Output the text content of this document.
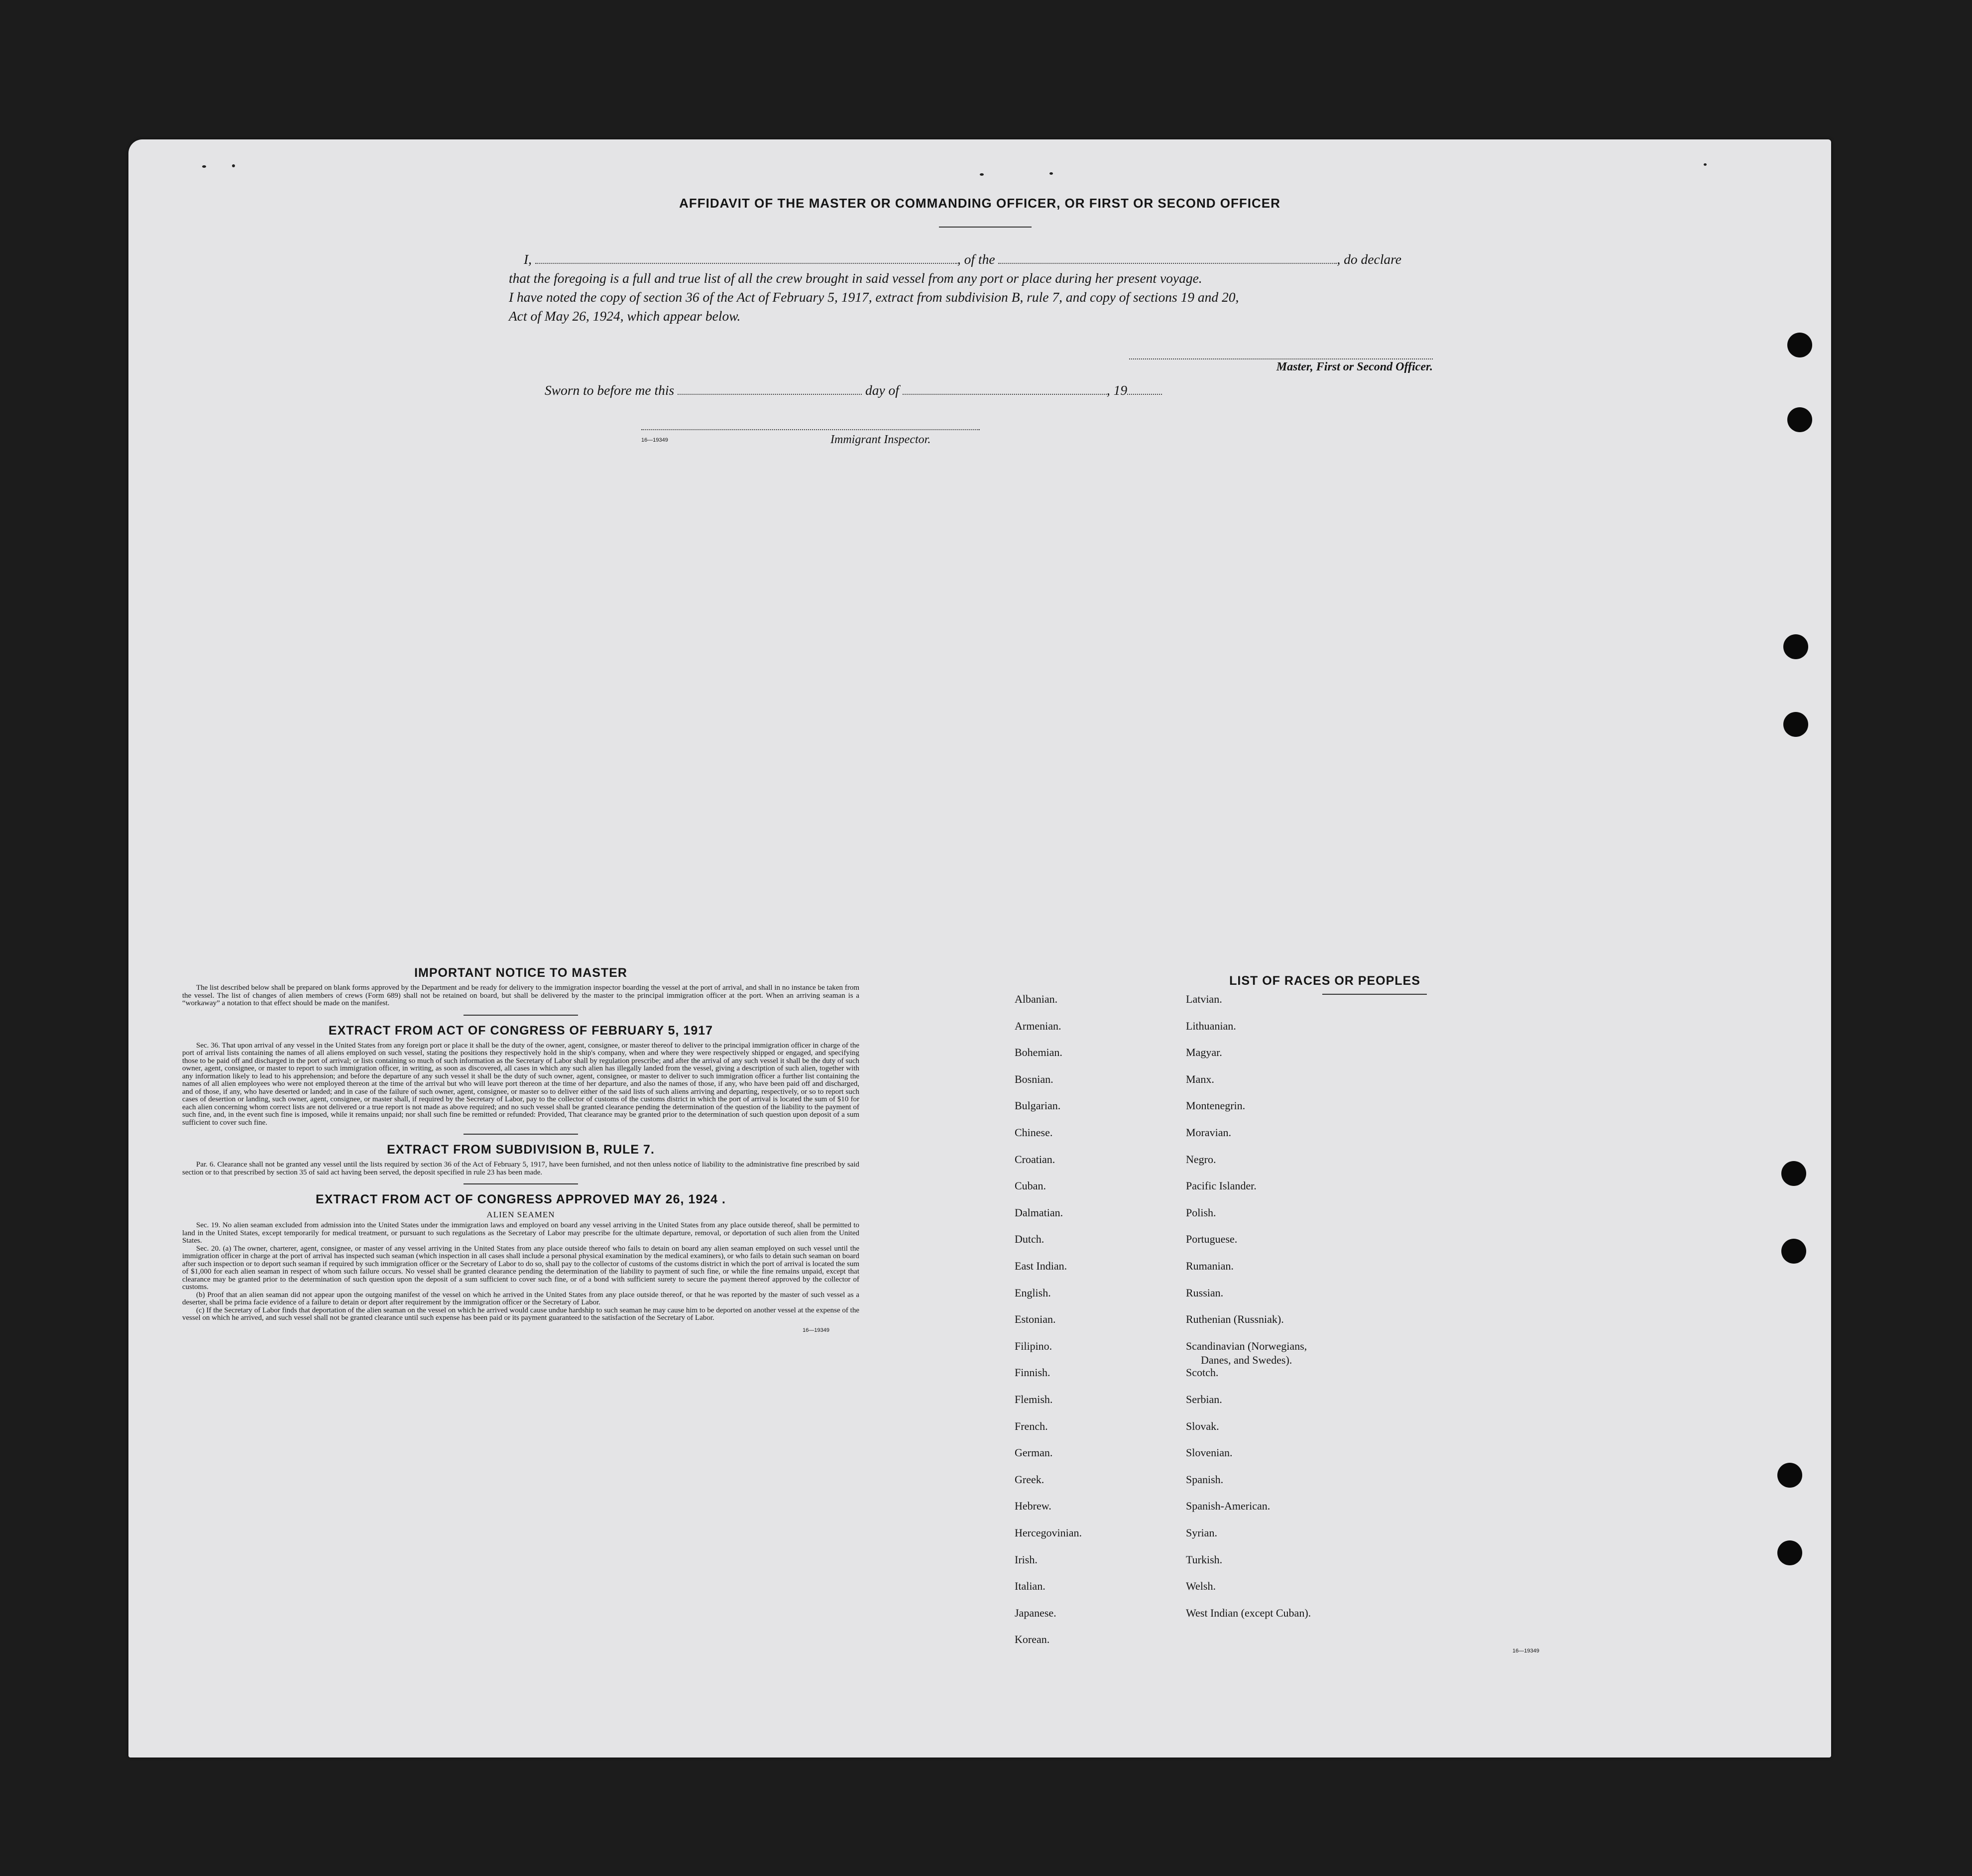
AFFIDAVIT OF THE MASTER OR COMMANDING OFFICER, OR FIRST OR SECOND OFFICER
I,	, of the	, do declare
that the foregoing is a full and true list of all the crew brought in said vessel from any port or place during her present voyage.
I have noted the copy of section 36 of the Act of February 5, 1917, extract from subdivision B, rule 7, and copy of sections 19 and 20,
Act of May 26, 1924, which appear below.
Master, First or Second Officer.
Sworn to before me this	day of	, 19
16—19349	Immigrant Inspector.
IMPORTANT NOTICE TO MASTER

The list described below shall be prepared on blank forms approved by the Department and be ready for delivery to the immigration inspector boarding the vessel at the port of arrival, and shall in no instance be taken from the vessel. The list of changes of alien members of crews (Form 689) shall not be retained on board, but shall be delivered by the master to the principal immigration officer at the port. When an arriving seaman is a “workaway” a notation to that effect should be made on the manifest.

EXTRACT FROM ACT OF CONGRESS OF FEBRUARY 5, 1917

Sec. 36. That upon arrival of any vessel in the United States from any foreign port or place it shall be the duty of the owner, agent, consignee, or master thereof to deliver to the principal immigration officer in charge of the port of arrival lists containing the names of all aliens employed on such vessel, stating the positions they respectively hold in the ship's company, when and where they were respectively shipped or engaged, and specifying those to be paid off and discharged in the port of arrival; or lists containing so much of such information as the Secretary of Labor shall by regulation prescribe; and after the arrival of any such vessel it shall be the duty of such owner, agent, consignee, or master to report to such immigration officer, in writing, as soon as discovered, all cases in which any such alien has illegally landed from the vessel, giving a description of such alien, together with any information likely to lead to his apprehension; and before the departure of any such vessel it shall be the duty of such owner, agent, consignee, or master to deliver to such immigration officer a further list containing the names of all alien employees who were not employed thereon at the time of the arrival but who will leave port thereon at the time of her departure, and also the names of those, if any, who have been paid off and discharged, and of those, if any, who have deserted or landed; and in case of the failure of such owner, agent, consignee, or master so to deliver either of the said lists of such aliens arriving and departing, respectively, or so to report such cases of desertion or landing, such owner, agent, consignee, or master shall, if required by the Secretary of Labor, pay to the collector of customs of the customs district in which the port of arrival is located the sum of $10 for each alien concerning whom correct lists are not delivered or a true report is not made as above required; and no such vessel shall be granted clearance pending the determination of the question of the liability to the payment of such fine, and, in the event such fine is imposed, while it remains unpaid; nor shall such fine be remitted or refunded: Provided, That clearance may be granted prior to the determination of such question upon deposit of a sum sufficient to cover such fine.

EXTRACT FROM SUBDIVISION B, RULE 7.

Par. 6. Clearance shall not be granted any vessel until the lists required by section 36 of the Act of February 5, 1917, have been furnished, and not then unless notice of liability to the administrative fine prescribed by said section or to that prescribed by section 35 of said act having been served, the deposit specified in rule 23 has been made.

EXTRACT FROM ACT OF CONGRESS APPROVED MAY 26, 1924 .
ALIEN SEAMEN

Sec. 19. No alien seaman excluded from admission into the United States under the immigration laws and employed on board any vessel arriving in the United States from any place outside thereof, shall be permitted to land in the United States, except temporarily for medical treatment, or pursuant to such regulations as the Secretary of Labor may prescribe for the ultimate departure, removal, or deportation of such alien from the United States.

Sec. 20. (a) The owner, charterer, agent, consignee, or master of any vessel arriving in the United States from any place outside thereof who fails to detain on board any alien seaman employed on such vessel until the immigration officer in charge at the port of arrival has inspected such seaman (which inspection in all cases shall include a personal physical examination by the medical examiners), or who fails to detain such seaman on board after such inspection or to deport such seaman if required by such immigration officer or the Secretary of Labor to do so, shall pay to the collector of customs of the customs district in which the port of arrival is located the sum of $1,000 for each alien seaman in respect of whom such failure occurs. No vessel shall be granted clearance pending the determination of the liability to payment of such fine, or while the fine remains unpaid, except that clearance may be granted prior to the determination of such question upon the deposit of a sum sufficient to cover such fine, or of a bond with sufficient surety to secure the payment thereof approved by the collector of customs.

(b) Proof that an alien seaman did not appear upon the outgoing manifest of the vessel on which he arrived in the United States from any place outside thereof, or that he was reported by the master of such vessel as a deserter, shall be prima facie evidence of a failure to detain or deport after requirement by the immigration officer or the Secretary of Labor.

(c) If the Secretary of Labor finds that deportation of the alien seaman on the vessel on which he arrived would cause undue hardship to such seaman he may cause him to be deported on another vessel at the expense of the vessel on which he arrived, and such vessel shall not be granted clearance until such expense has been paid or its payment guaranteed to the satisfaction of the Secretary of Labor.

16—19349
LIST OF RACES OR PEOPLES
Albanian.
Armenian.
Bohemian.
Bosnian.
Bulgarian.
Chinese.
Croatian.
Cuban.
Dalmatian.
Dutch.
East Indian.
English.
Estonian.
Filipino.
Finnish.
Flemish.
French.
German.
Greek.
Hebrew.
Hercegovinian.
Irish.
Italian.
Japanese.
Korean.
Latvian.
Lithuanian.
Magyar.
Manx.
Montenegrin.
Moravian.
Negro.
Pacific Islander.
Polish.
Portuguese.
Rumanian.
Russian.
Ruthenian (Russniak).
Scandinavian (Norwegians,
Danes, and Swedes).
Scotch.
Serbian.
Slovak.
Slovenian.
Spanish.
Spanish-American.
Syrian.
Turkish.
Welsh.
West Indian (except Cuban).
16—19349
